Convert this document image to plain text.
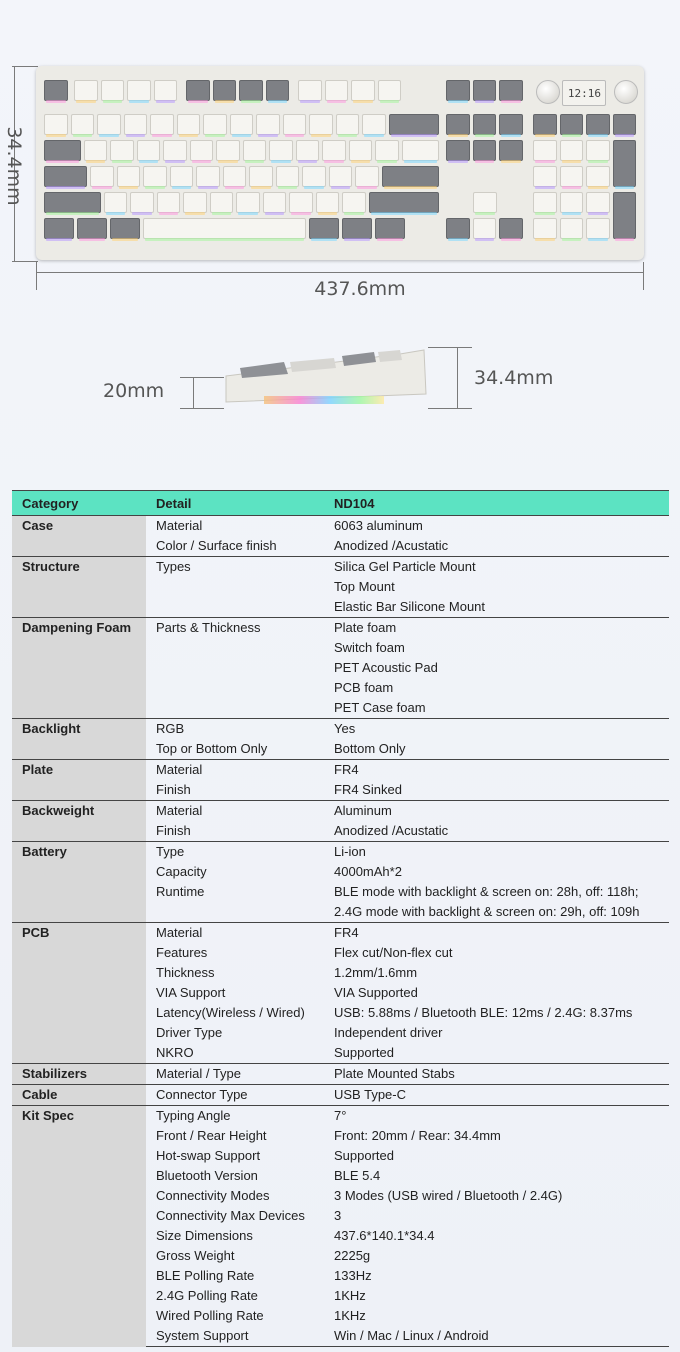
34.4mm
437.6mm
12:16
20mm
34.4mm
Category	Detail	ND104
Case	Material	6063 aluminum
	Color / Surface finish	Anodized /Acustatic
Structure	Types	Silica Gel Particle Mount
		Top Mount
		Elastic Bar Silicone Mount
Dampening Foam	Parts & Thickness	Plate foam
		Switch foam
		PET Acoustic Pad
		PCB foam
		PET Case foam
Backlight	RGB	Yes
	Top or Bottom Only	Bottom Only
Plate	Material	FR4
	Finish	FR4 Sinked
Backweight	Material	Aluminum
	Finish	Anodized /Acustatic
Battery	Type	Li-ion
	Capacity	4000mAh*2
	Runtime	BLE mode with backlight & screen on: 28h, off: 118h;
		2.4G mode with backlight & screen on: 29h, off: 109h
PCB	Material	FR4
	Features	Flex cut/Non-flex cut
	Thickness	1.2mm/1.6mm
	VIA Support	VIA Supported
	Latency(Wireless / Wired)	USB: 5.88ms / Bluetooth BLE: 12ms / 2.4G: 8.37ms
	Driver Type	Independent driver
	NKRO	Supported
Stabilizers	Material / Type	Plate Mounted Stabs
Cable	Connector Type	USB Type-C
Kit Spec	Typing Angle	7°
	Front / Rear Height	Front: 20mm / Rear: 34.4mm
	Hot-swap Support	Supported
	Bluetooth Version	BLE 5.4
	Connectivity Modes	3 Modes (USB wired / Bluetooth / 2.4G)
	Connectivity Max Devices	3
	Size Dimensions	437.6*140.1*34.4
	Gross Weight	2225g
	BLE Polling Rate	133Hz
	2.4G Polling Rate	1KHz
	Wired Polling Rate	1KHz
	System Support	Win / Mac / Linux / Android
